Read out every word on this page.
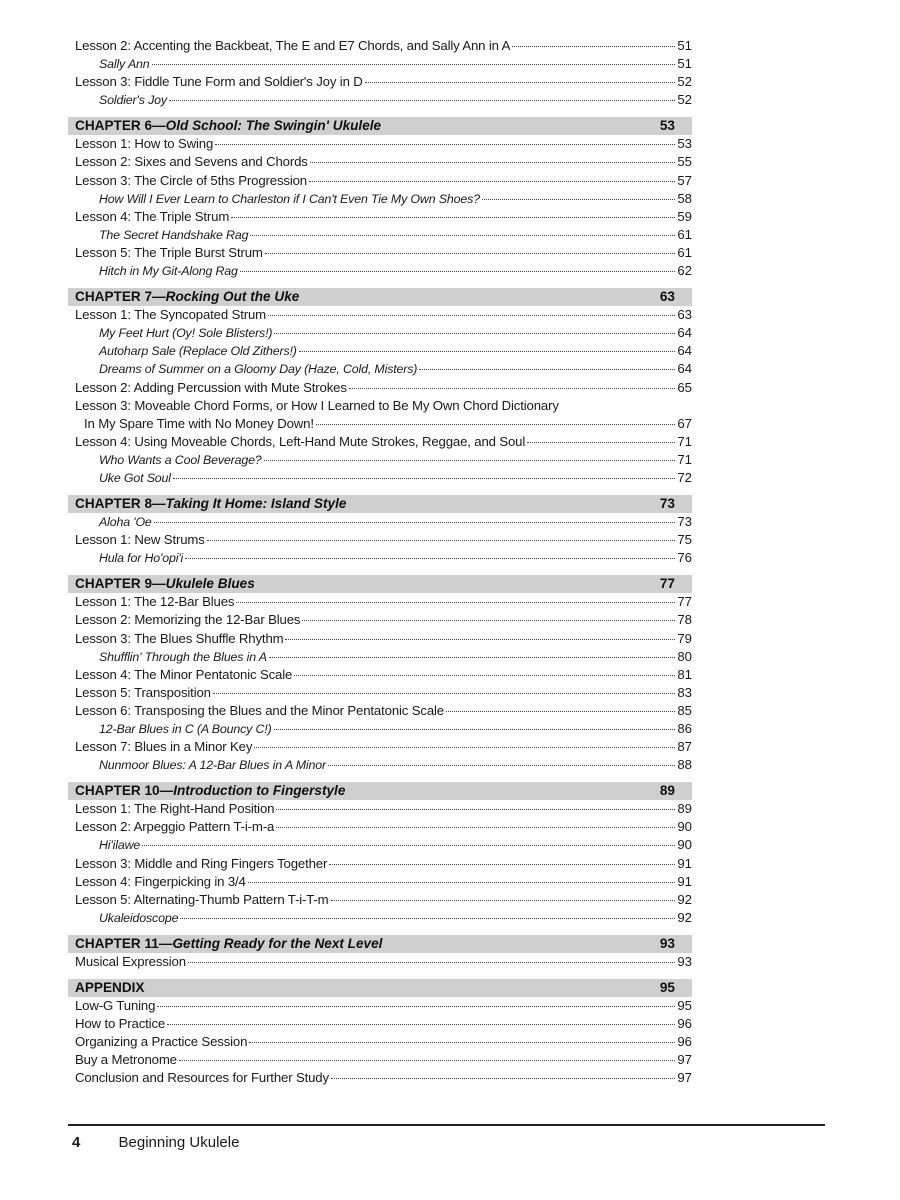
Lesson 2: Accenting the Backbeat, The E and E7 Chords, and Sally Ann in A	51
Sally Ann	51
Lesson 3: Fiddle Tune Form and Soldier's Joy in D	52
Soldier's Joy	52
CHAPTER 6—Old School: The Swingin' Ukulele	53
Lesson 1: How to Swing	53
Lesson 2: Sixes and Sevens and Chords	55
Lesson 3: The Circle of 5ths Progression	57
How Will I Ever Learn to Charleston if I Can't Even Tie My Own Shoes?	58
Lesson 4: The Triple Strum	59
The Secret Handshake Rag	61
Lesson 5: The Triple Burst Strum	61
Hitch in My Git-Along Rag	62
CHAPTER 7—Rocking Out the Uke	63
Lesson 1: The Syncopated Strum	63
My Feet Hurt (Oy! Sole Blisters!)	64
Autoharp Sale (Replace Old Zithers!)	64
Dreams of Summer on a Gloomy Day (Haze, Cold, Misters)	64
Lesson 2: Adding Percussion with Mute Strokes	65
Lesson 3: Moveable Chord Forms, or How I Learned to Be My Own Chord Dictionary
In My Spare Time with No Money Down!	67
Lesson 4: Using Moveable Chords, Left-Hand Mute Strokes, Reggae, and Soul	71
Who Wants a Cool Beverage?	71
Uke Got Soul	72
CHAPTER 8—Taking It Home: Island Style	73
Aloha 'Oe	73
Lesson 1: New Strums	75
Hula for Ho'opi'i	76
CHAPTER 9—Ukulele Blues	77
Lesson 1: The 12-Bar Blues	77
Lesson 2: Memorizing the 12-Bar Blues	78
Lesson 3: The Blues Shuffle Rhythm	79
Shufflin' Through the Blues in A	80
Lesson 4: The Minor Pentatonic Scale	81
Lesson 5: Transposition	83
Lesson 6: Transposing the Blues and the Minor Pentatonic Scale	85
12-Bar Blues in C (A Bouncy C!)	86
Lesson 7: Blues in a Minor Key	87
Nunmoor Blues: A 12-Bar Blues in A Minor	88
CHAPTER 10—Introduction to Fingerstyle	89
Lesson 1: The Right-Hand Position	89
Lesson 2: Arpeggio Pattern T-i-m-a	90
Hi'ilawe	90
Lesson 3: Middle and Ring Fingers Together	91
Lesson 4: Fingerpicking in 3/4	91
Lesson 5: Alternating-Thumb Pattern T-i-T-m	92
Ukaleidoscope	92
CHAPTER 11—Getting Ready for the Next Level	93
Musical Expression	93
APPENDIX	95
Low-G Tuning	95
How to Practice	96
Organizing a Practice Session	96
Buy a Metronome	97
Conclusion and Resources for Further Study	97
4	Beginning Ukulele
